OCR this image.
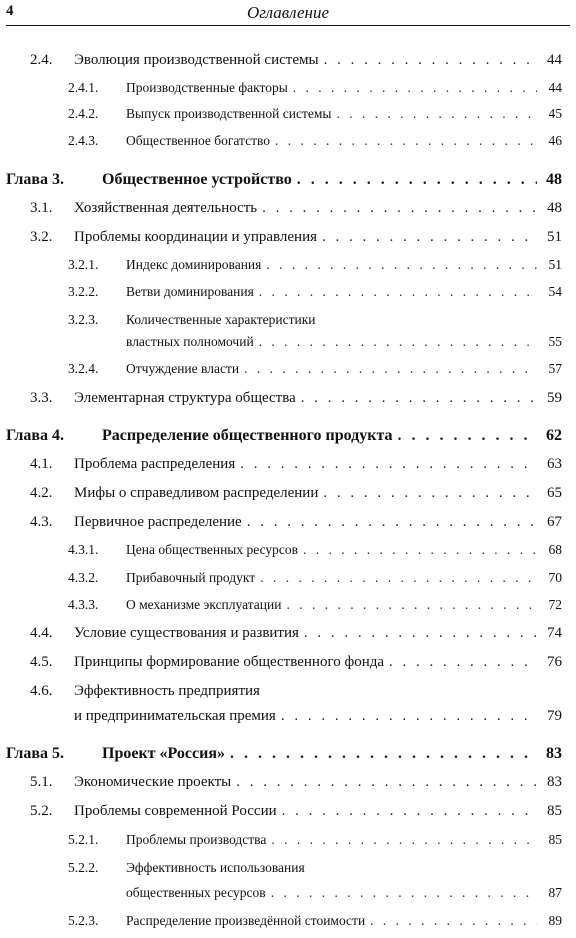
4	Оглавление
2.4.	Эволюция производственной системы . . .	44
2.4.1.	Производственные факторы . . .	44
2.4.2.	Выпуск производственной системы . . .	45
2.4.3.	Общественное богатство . . .	46
Глава 3.	Общественное устройство . . .	48
3.1.	Хозяйственная деятельность . . .	48
3.2.	Проблемы координации и управления . . .	51
3.2.1.	Индекс доминирования . . .	51
3.2.2.	Ветви доминирования . . .	54
3.2.3.	Количественные характеристики
властных полномочий . . .	55
3.2.4.	Отчуждение власти . . .	57
3.3.	Элементарная структура общества . . .	59
Глава 4.	Распределение общественного продукта . . .	62
4.1.	Проблема распределения . . .	63
4.2.	Мифы о справедливом распределении . . .	65
4.3.	Первичное распределение . . .	67
4.3.1.	Цена общественных ресурсов . . .	68
4.3.2.	Прибавочный продукт . . .	70
4.3.3.	О механизме эксплуатации . . .	72
4.4.	Условие существования и развития . . .	74
4.5.	Принципы формирование общественного фонда . . .	76
4.6.	Эффективность предприятия
и предпринимательская премия . . .	79
Глава 5.	Проект «Россия» . . .	83
5.1.	Экономические проекты . . .	83
5.2.	Проблемы современной России . . .	85
5.2.1.	Проблемы производства . . .	85
5.2.2.	Эффективность использования
общественных ресурсов . . .	87
5.2.3.	Распределение произведённой стоимости . . .	89
